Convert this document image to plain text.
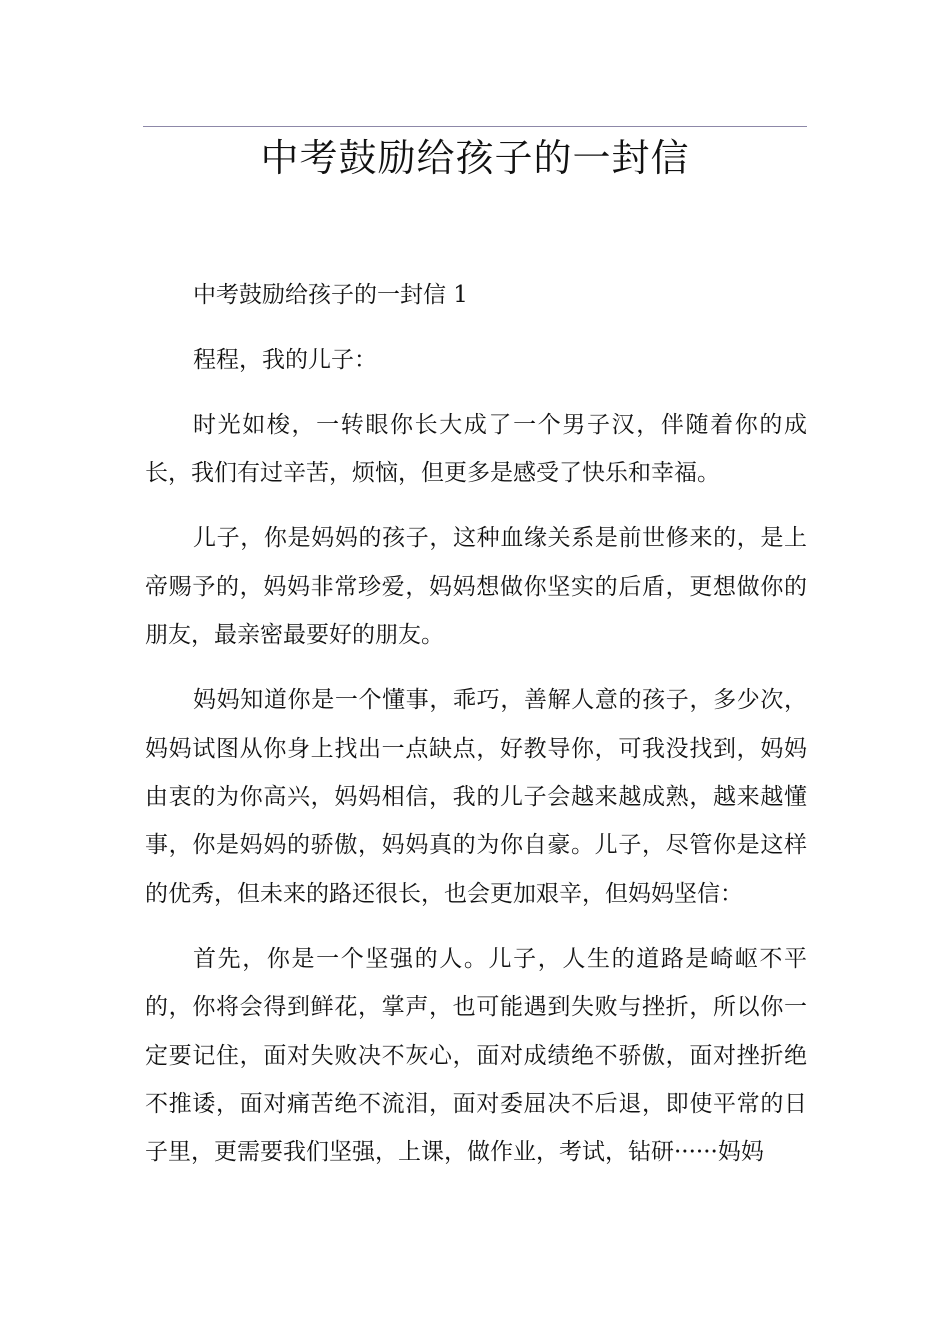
中考鼓励给孩子的一封信

中考鼓励给孩子的一封信 1

程程，我的儿子：

时光如梭，一转眼你长大成了一个男子汉，伴随着你的成长，我们有过辛苦，烦恼，但更多是感受了快乐和幸福。

儿子，你是妈妈的孩子，这种血缘关系是前世修来的，是上帝赐予的，妈妈非常珍爱，妈妈想做你坚实的后盾，更想做你的朋友，最亲密最要好的朋友。

妈妈知道你是一个懂事，乖巧，善解人意的孩子，多少次，妈妈试图从你身上找出一点缺点，好教导你，可我没找到，妈妈由衷的为你高兴，妈妈相信，我的儿子会越来越成熟，越来越懂事，你是妈妈的骄傲，妈妈真的为你自豪。儿子，尽管你是这样的优秀，但未来的路还很长，也会更加艰辛，但妈妈坚信：

首先，你是一个坚强的人。儿子，人生的道路是崎岖不平的，你将会得到鲜花，掌声，也可能遇到失败与挫折，所以你一定要记住，面对失败决不灰心，面对成绩绝不骄傲，面对挫折绝不推诿，面对痛苦绝不流泪，面对委屈决不后退，即使平常的日子里，更需要我们坚强，上课，做作业，考试，钻研······妈妈
